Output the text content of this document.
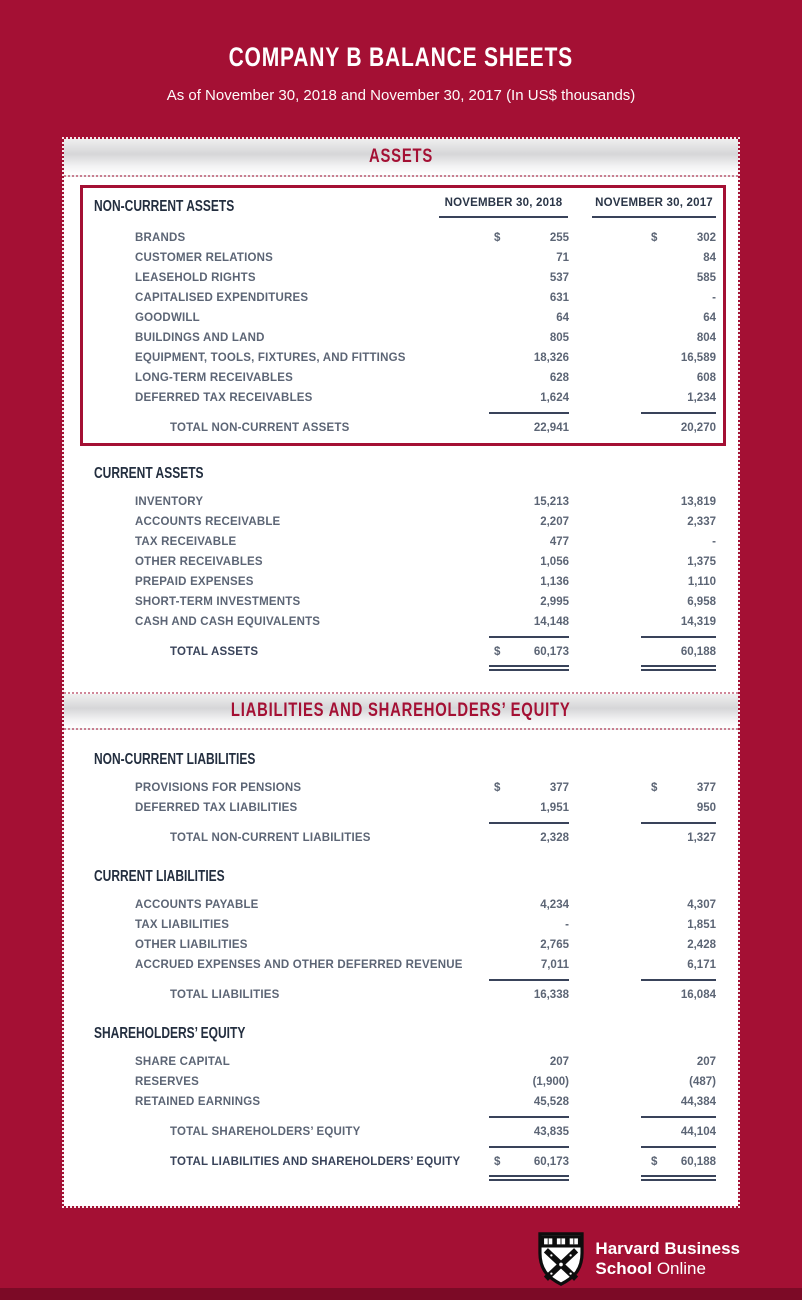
COMPANY B BALANCE SHEETS
As of November 30, 2018 and November 30, 2017 (In US$ thousands)
ASSETS
NOVEMBER 30, 2018	NOVEMBER 30, 2017
NON-CURRENT ASSETS
BRANDS	$	255	$	302
CUSTOMER RELATIONS	71	84
LEASEHOLD RIGHTS	537	585
CAPITALISED EXPENDITURES	631	-
GOODWILL	64	64
BUILDINGS AND LAND	805	804
EQUIPMENT, TOOLS, FIXTURES, AND FITTINGS	18,326	16,589
LONG-TERM RECEIVABLES	628	608
DEFERRED TAX RECEIVABLES	1,624	1,234
TOTAL NON-CURRENT ASSETS	22,941	20,270
CURRENT ASSETS
INVENTORY	15,213	13,819
ACCOUNTS RECEIVABLE	2,207	2,337
TAX RECEIVABLE	477	-
OTHER RECEIVABLES	1,056	1,375
PREPAID EXPENSES	1,136	1,110
SHORT-TERM INVESTMENTS	2,995	6,958
CASH AND CASH EQUIVALENTS	14,148	14,319
TOTAL ASSETS	$	60,173	60,188
LIABILITIES AND SHAREHOLDERS’ EQUITY
NON-CURRENT LIABILITIES
PROVISIONS FOR PENSIONS	$	377	$	377
DEFERRED TAX LIABILITIES	1,951	950
TOTAL NON-CURRENT LIABILITIES	2,328	1,327
CURRENT LIABILITIES
ACCOUNTS PAYABLE	4,234	4,307
TAX LIABILITIES	-	1,851
OTHER LIABILITIES	2,765	2,428
ACCRUED EXPENSES AND OTHER DEFERRED REVENUE	7,011	6,171
TOTAL LIABILITIES	16,338	16,084
SHAREHOLDERS’ EQUITY
SHARE CAPITAL	207	207
RESERVES	(1,900)	(487)
RETAINED EARNINGS	45,528	44,384
TOTAL SHAREHOLDERS’ EQUITY	43,835	44,104
TOTAL LIABILITIES AND SHAREHOLDERS’ EQUITY	$	60,173	$ 60,188
Harvard Business
School Online
